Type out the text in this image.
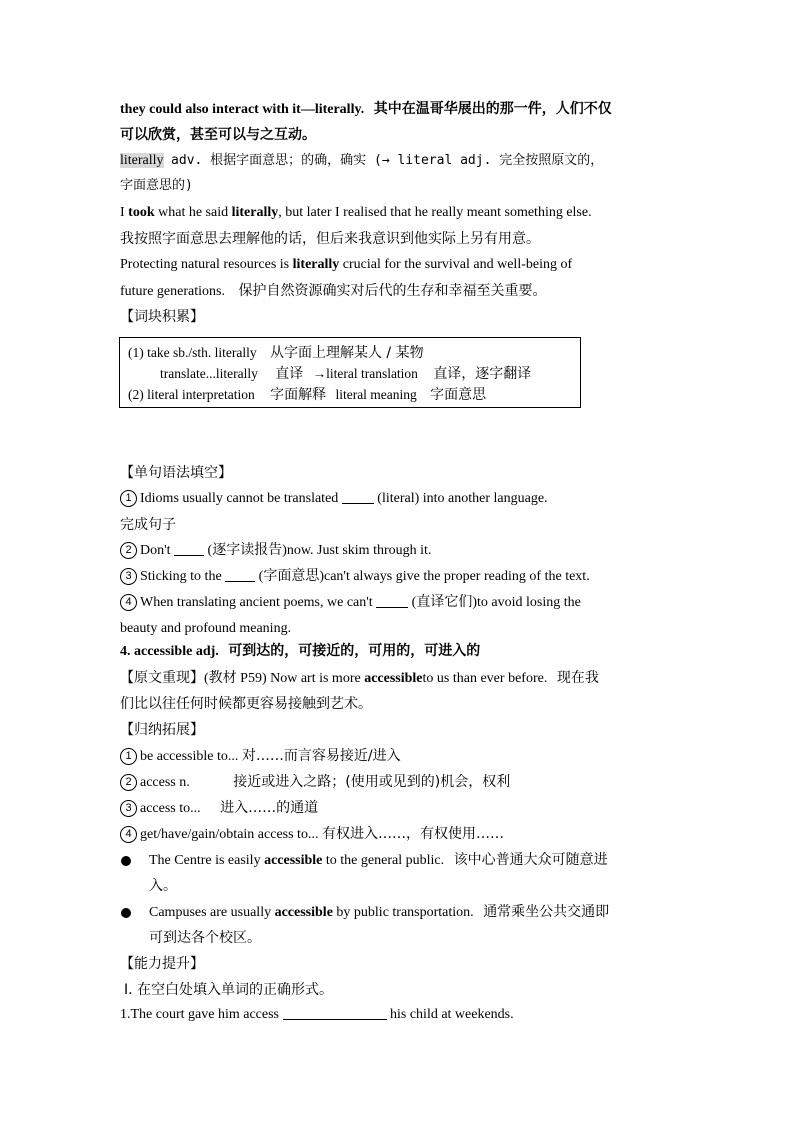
they could also interact with it—literally. 其中在温哥华展出的那一件，人们不仅
可以欣赏，甚至可以与之互动。
literally adv. 根据字面意思；的确，确实 (→ literal adj. 完全按照原文的，
字面意思的)
I took what he said literally, but later I realised that he really meant something else.
我按照字面意思去理解他的话，但后来我意识到他实际上另有用意。
Protecting natural resources is literally crucial for the survival and well-being of
future generations. 保护自然资源确实对后代的生存和幸福至关重要。
【词块积累】
(1) take sb./sth. literally 从字面上理解某人 / 某物
translate...literally 直译 →literal translation 直译，逐字翻译
(2) literal interpretation 字面解释 literal meaning 字面意思
【单句语法填空】
1 Idioms usually cannot be translated	(literal) into another language.
完成句子
2 Don't	(逐字读报告)now. Just skim through it.
3 Sticking to the	(字面意思)can't always give the proper reading of the text.
4 When translating ancient poems, we can't	(直译它们)to avoid losing the
beauty and profound meaning.
4. accessible adj. 可到达的，可接近的，可用的，可进入的
【原文重现】(教材 P59) Now art is more accessibleto us than ever before. 现在我
们比以往任何时候都更容易接触到艺术。
【归纳拓展】
1 be accessible to... 对……而言容易接近/进入
2 access n.	接近或进入之路；(使用或见到的)机会，权利
3 access to... 进入……的通道
4 get/have/gain/obtain access to... 有权进入……，有权使用……
The Centre is easily accessible to the general public. 该中心普通大众可随意进
入。
Campuses are usually accessible by public transportation. 通常乘坐公共交通即
可到达各个校区。
【能力提升】
Ⅰ. 在空白处填入单词的正确形式。
1.The court gave him access	his child at weekends.
